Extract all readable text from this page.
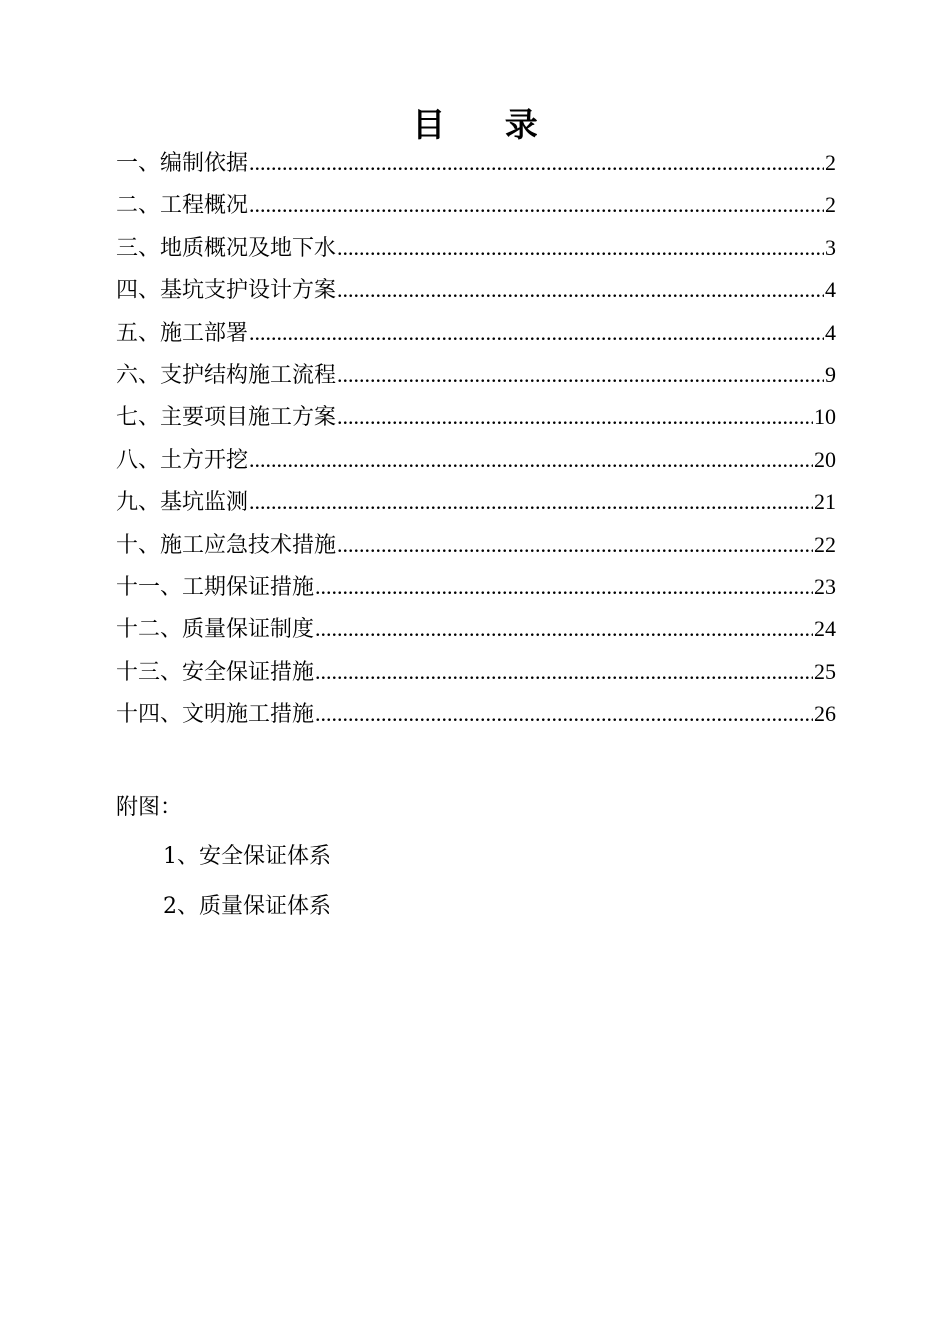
目 录
一、编制依据 .....	2
二、工程概况 .....	2
三、地质概况及地下水 .....	3
四、基坑支护设计方案 .....	4
五、施工部署 .....	4
六、支护结构施工流程 .....	9
七、主要项目施工方案 .....	10
八、土方开挖 .....	20
九、基坑监测 .....	21
十、施工应急技术措施 .....	22
十一、工期保证措施 .....	23
十二、质量保证制度 .....	24
十三、安全保证措施 .....	25
十四、文明施工措施 .....	26
附图：
1、安全保证体系
2、质量保证体系
